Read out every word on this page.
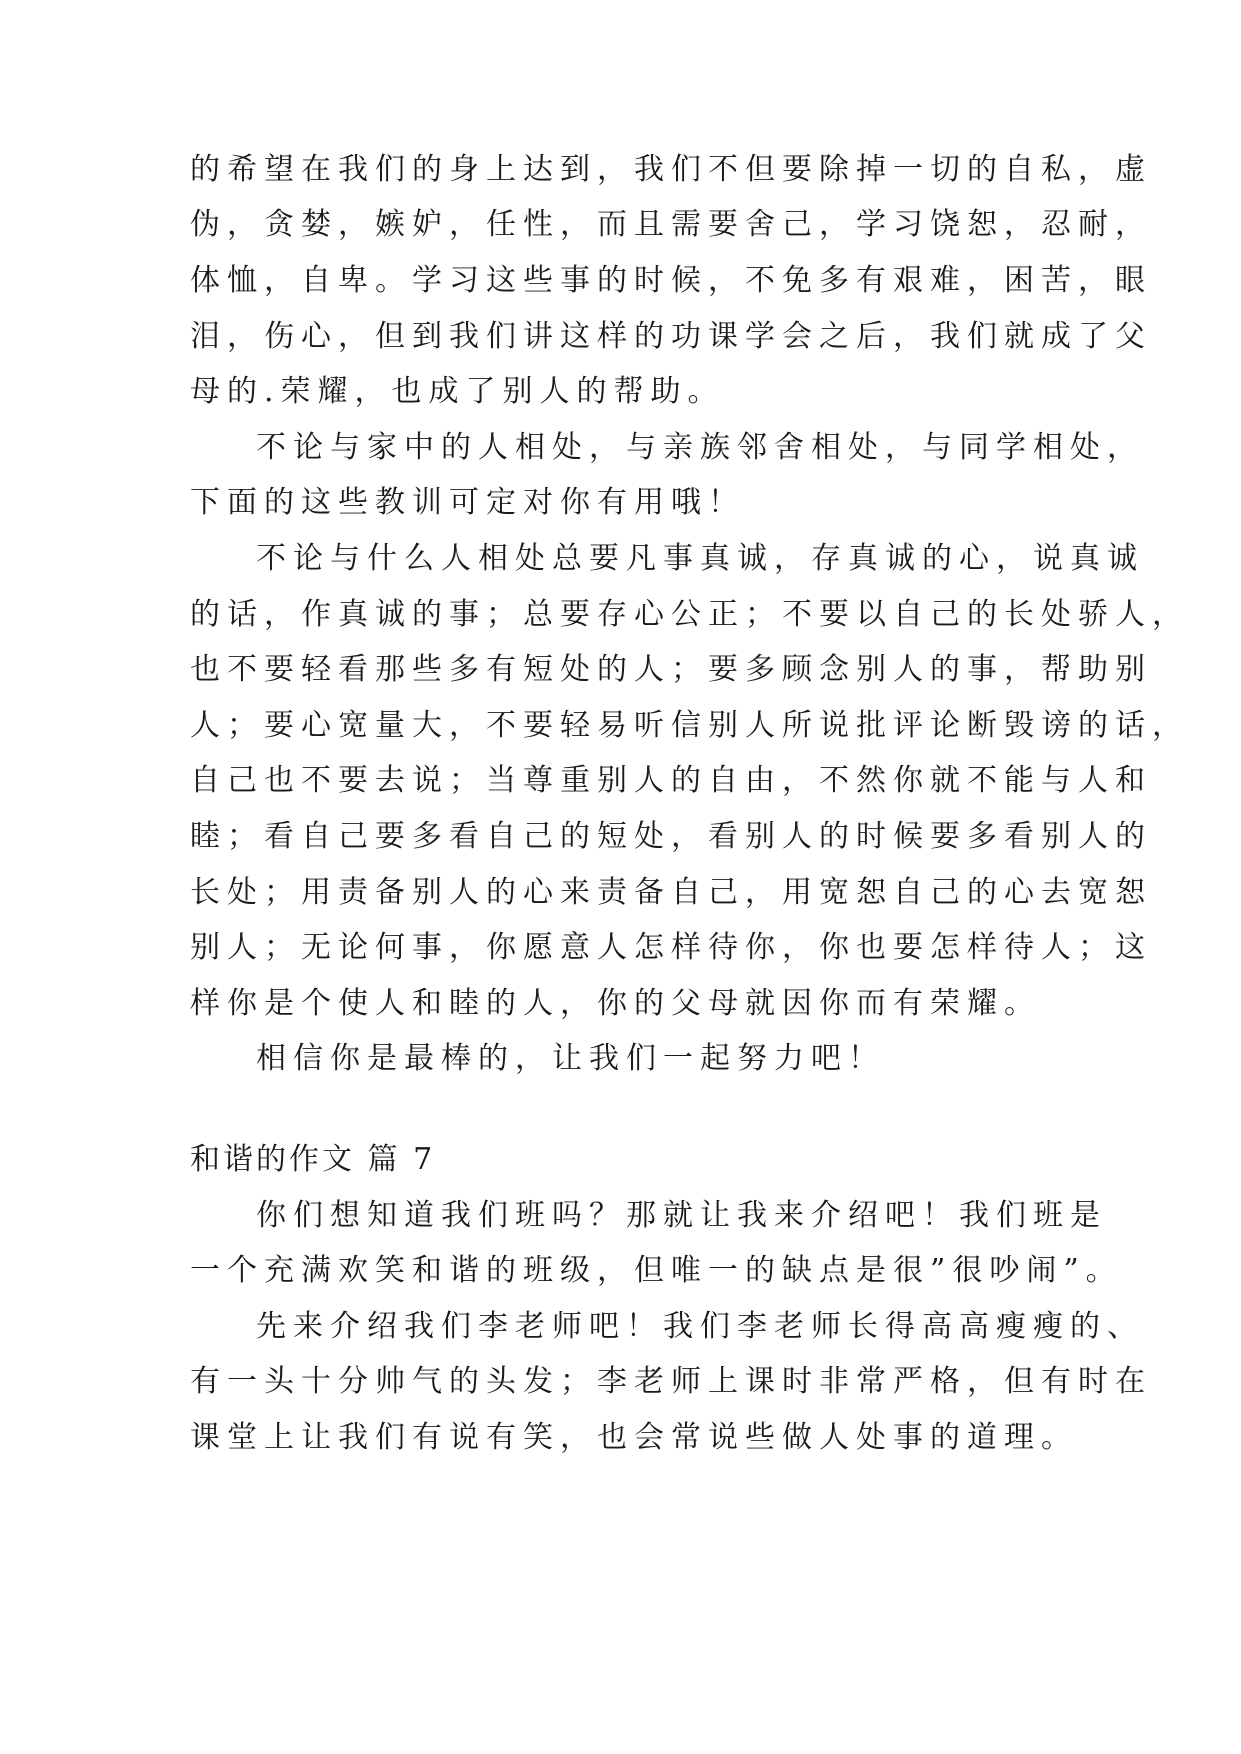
的希望在我们的身上达到，我们不但要除掉一切的自私，虚
伪，贪婪，嫉妒，任性，而且需要舍己，学习饶恕，忍耐，
体恤，自卑。学习这些事的时候，不免多有艰难，困苦，眼
泪，伤心，但到我们讲这样的功课学会之后，我们就成了父
母的.荣耀，也成了别人的帮助。
不论与家中的人相处，与亲族邻舍相处，与同学相处，
下面的这些教训可定对你有用哦！
不论与什么人相处总要凡事真诚，存真诚的心，说真诚
的话，作真诚的事；总要存心公正；不要以自己的长处骄人，
也不要轻看那些多有短处的人；要多顾念别人的事，帮助别
人；要心宽量大，不要轻易听信别人所说批评论断毁谤的话，
自己也不要去说；当尊重别人的自由，不然你就不能与人和
睦；看自己要多看自己的短处，看别人的时候要多看别人的
长处；用责备别人的心来责备自己，用宽恕自己的心去宽恕
别人；无论何事，你愿意人怎样待你，你也要怎样待人；这
样你是个使人和睦的人，你的父母就因你而有荣耀。
相信你是最棒的，让我们一起努力吧！
和谐的作文 篇 7
你们想知道我们班吗？那就让我来介绍吧！我们班是
一个充满欢笑和谐的班级，但唯一的缺点是很”很吵闹”。
先来介绍我们李老师吧！我们李老师长得高高瘦瘦的、
有一头十分帅气的头发；李老师上课时非常严格，但有时在
课堂上让我们有说有笑，也会常说些做人处事的道理。
